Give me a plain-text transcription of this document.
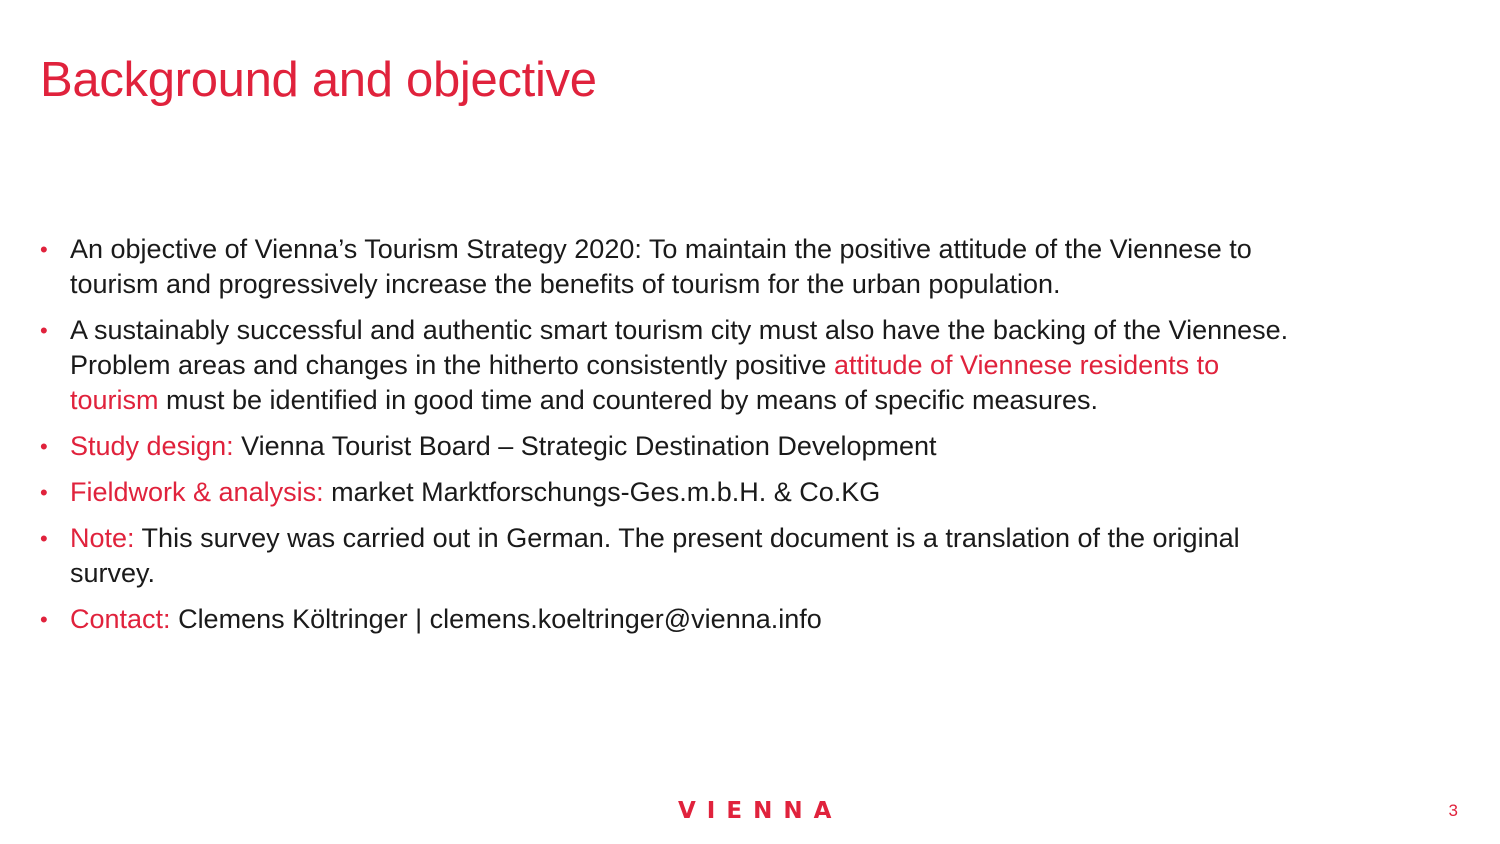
Background and objective
• An objective of Vienna’s Tourism Strategy 2020: To maintain the positive attitude of the Viennese to tourism and progressively increase the benefits of tourism for the urban population.
• A sustainably successful and authentic smart tourism city must also have the backing of the Viennese. Problem areas and changes in the hitherto consistently positive attitude of Viennese residents to tourism must be identified in good time and countered by means of specific measures.
• Study design: Vienna Tourist Board – Strategic Destination Development
• Fieldwork & analysis: market Marktforschungs-Ges.m.b.H. & Co.KG
• Note: This survey was carried out in German. The present document is a translation of the original survey.
• Contact: Clemens Költringer | clemens.koeltringer@vienna.info
VIENNA	3
